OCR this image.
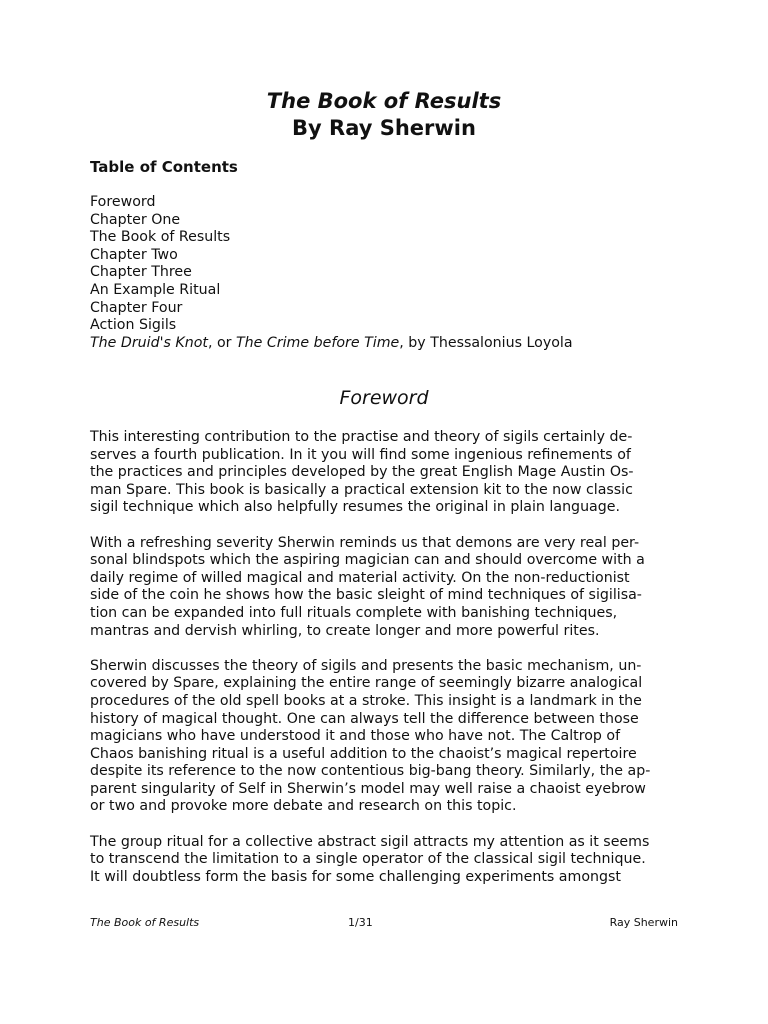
The Book of Results

By Ray Sherwin

Table of Contents

Foreword
Chapter One
The Book of Results
Chapter Two
Chapter Three
An Example Ritual
Chapter Four
Action Sigils
The Druid's Knot, or The Crime before Time, by Thessalonius Loyola

Foreword

This interesting contribution to the practise and theory of sigils certainly de-
serves a fourth publication. In it you will find some ingenious refinements of
the practices and principles developed by the great English Mage Austin Os-
man Spare. This book is basically a practical extension kit to the now classic
sigil technique which also helpfully resumes the original in plain language.

With a refreshing severity Sherwin reminds us that demons are very real per-
sonal blindspots which the aspiring magician can and should overcome with a
daily regime of willed magical and material activity. On the non-reductionist
side of the coin he shows how the basic sleight of mind techniques of sigilisa-
tion can be expanded into full rituals complete with banishing techniques,
mantras and dervish whirling, to create longer and more powerful rites.

Sherwin discusses the theory of sigils and presents the basic mechanism, un-
covered by Spare, explaining the entire range of seemingly bizarre analogical
procedures of the old spell books at a stroke. This insight is a landmark in the
history of magical thought. One can always tell the difference between those
magicians who have understood it and those who have not. The Caltrop of
Chaos banishing ritual is a useful addition to the chaoist’s magical repertoire
despite its reference to the now contentious big-bang theory. Similarly, the ap-
parent singularity of Self in Sherwin’s model may well raise a chaoist eyebrow
or two and provoke more debate and research on this topic.

The group ritual for a collective abstract sigil attracts my attention as it seems
to transcend the limitation to a single operator of the classical sigil technique.
It will doubtless form the basis for some challenging experiments amongst

The Book of Results	1/31	Ray Sherwin
